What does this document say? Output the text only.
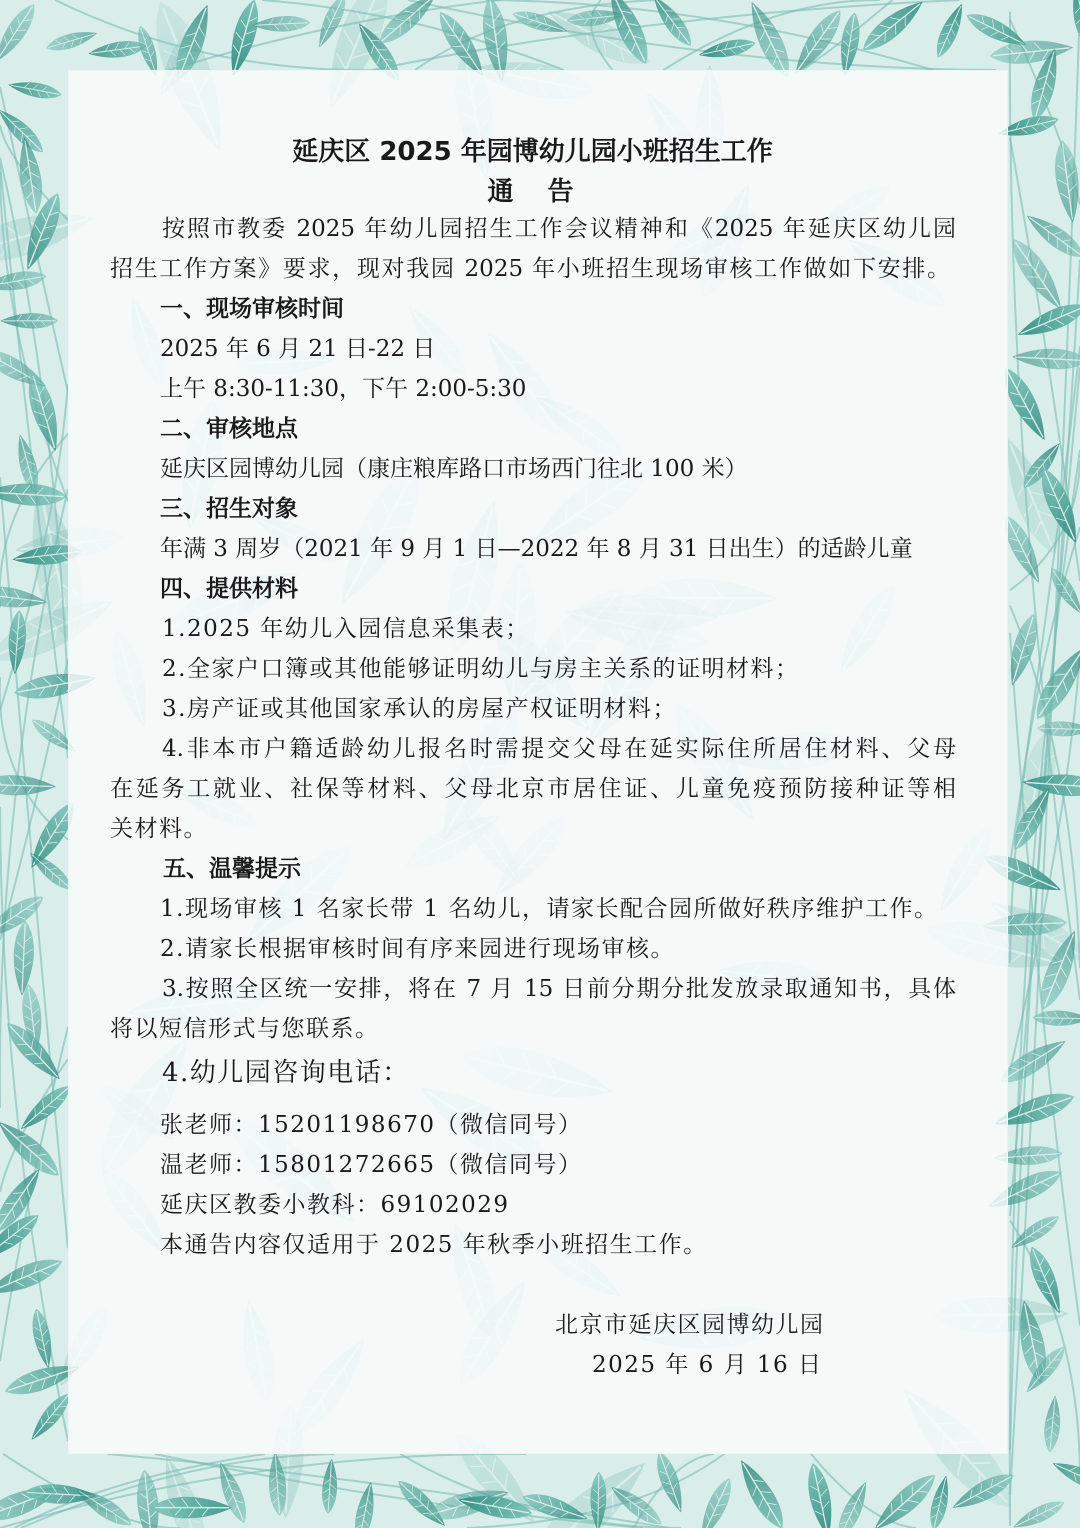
延庆区 2025 年园博幼儿园小班招生工作
通　告
按照市教委 2025 年幼儿园招生工作会议精神和《2025 年延庆区幼儿园
招生工作方案》要求，现对我园 2025 年小班招生现场审核工作做如下安排。
一、现场审核时间
2025 年 6 月 21 日-22 日
上午 8:30-11:30，下午 2:00-5:30
二、审核地点
延庆区园博幼儿园（康庄粮库路口市场西门往北 100 米）
三、招生对象
年满 3 周岁（2021 年 9 月 1 日—2022 年 8 月 31 日出生）的适龄儿童
四、提供材料
1.2025 年幼儿入园信息采集表；
2.全家户口簿或其他能够证明幼儿与房主关系的证明材料；
3.房产证或其他国家承认的房屋产权证明材料；
4.非本市户籍适龄幼儿报名时需提交父母在延实际住所居住材料、父母
在延务工就业、社保等材料、父母北京市居住证、儿童免疫预防接种证等相
关材料。
五、温馨提示
1.现场审核 1 名家长带 1 名幼儿，请家长配合园所做好秩序维护工作。
2.请家长根据审核时间有序来园进行现场审核。
3.按照全区统一安排，将在 7 月 15 日前分期分批发放录取通知书，具体
将以短信形式与您联系。
4.幼儿园咨询电话：
张老师：15201198670（微信同号）
温老师：15801272665（微信同号）
延庆区教委小教科：69102029
本通告内容仅适用于 2025 年秋季小班招生工作。
北京市延庆区园博幼儿园
2025 年 6 月 16 日
